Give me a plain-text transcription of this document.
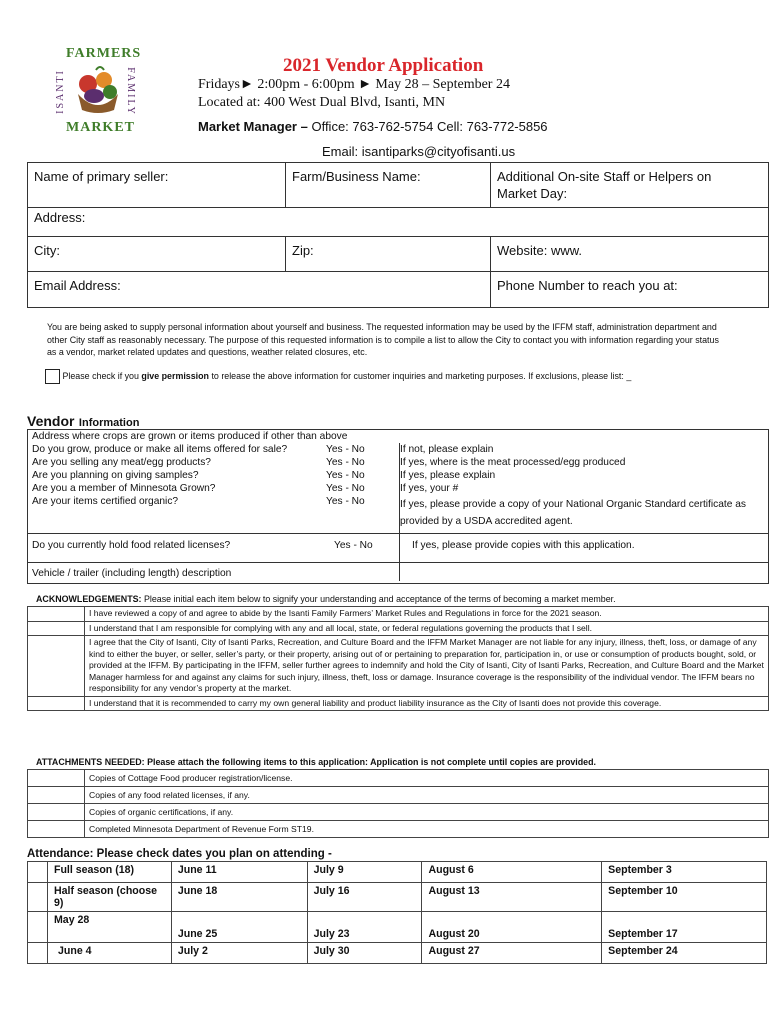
FARMERS
ISANTI	FAMILY
MARKET
2021 Vendor Application
Fridays► 2:00pm - 6:00pm ► May 28 – September 24
Located at: 400 West Dual Blvd, Isanti, MN
Market Manager – Office: 763-762-5754 Cell: 763-772-5856
Email: isantiparks@cityofisanti.us
Name of primary seller:	Farm/Business Name:	Additional On-site Staff or Helpers on Market Day:
Address:
City:	Zip:	Website: www.
Email Address:	Phone Number to reach you at:
You are being asked to supply personal information about yourself and business. The requested information may be used by the IFFM staff, administration department and other City staff as reasonably necessary. The purpose of this requested information is to compile a list to allow the City to contact you with information regarding your status as a vendor, market related updates and questions, weather related closures, etc.
Please check if you give permission to release the above information for customer inquiries and marketing purposes. If exclusions, please list: _
Vendor Information
Address where crops are grown or items produced if other than above
Do you grow, produce or make all items offered for sale?	Yes - No	If not, please explain
Are you selling any meat/egg products?	Yes - No	If yes, where is the meat processed/egg produced
Are you planning on giving samples?	Yes - No	If yes, please explain
Are you a member of Minnesota Grown?	Yes - No	If yes, your #
Are your items certified organic?	Yes - No	If yes, please provide a copy of your National Organic Standard certificate as provided by a USDA accredited agent.
Do you currently hold food related licenses?	Yes - No	If yes, please provide copies with this application.
Vehicle / trailer (including length) description
ACKNOWLEDGEMENTS: Please initial each item below to signify your understanding and acceptance of the terms of becoming a market member.
I have reviewed a copy of and agree to abide by the Isanti Family Farmers’ Market Rules and Regulations in force for the 2021 season.
I understand that I am responsible for complying with any and all local, state, or federal regulations governing the products that I sell.
I agree that the City of Isanti, City of Isanti Parks, Recreation, and Culture Board and the IFFM Market Manager are not liable for any injury, illness, theft, loss, or damage of any kind to either the buyer, or seller, seller’s party, or their property, arising out of or pertaining to preparation for, participation in, or use or consumption of products bought, sold, or provided at the IFFM. By participating in the IFFM, seller further agrees to indemnify and hold the City of Isanti, City of Isanti Parks, Recreation, and Culture Board and the Market Manager harmless for and against any claims for such injury, illness, theft, loss or damage. Insurance coverage is the responsibility of the individual vendor. The IFFM bears no responsibility for any vendor’s property at the market.
I understand that it is recommended to carry my own general liability and product liability insurance as the City of Isanti does not provide this coverage.
ATTACHMENTS NEEDED: Please attach the following items to this application: Application is not complete until copies are provided.
Copies of Cottage Food producer registration/license.
Copies of any food related licenses, if any.
Copies of organic certifications, if any.
Completed Minnesota Department of Revenue Form ST19.
Attendance: Please check dates you plan on attending -
	Full season (18)	June 11	July 9	August 6	September 3
	Half season (choose 9)	June 18	July 16	August 13	September 10
	May 28	June 25	July 23	August 20	September 17
	June 4	July 2	July 30	August 27	September 24
